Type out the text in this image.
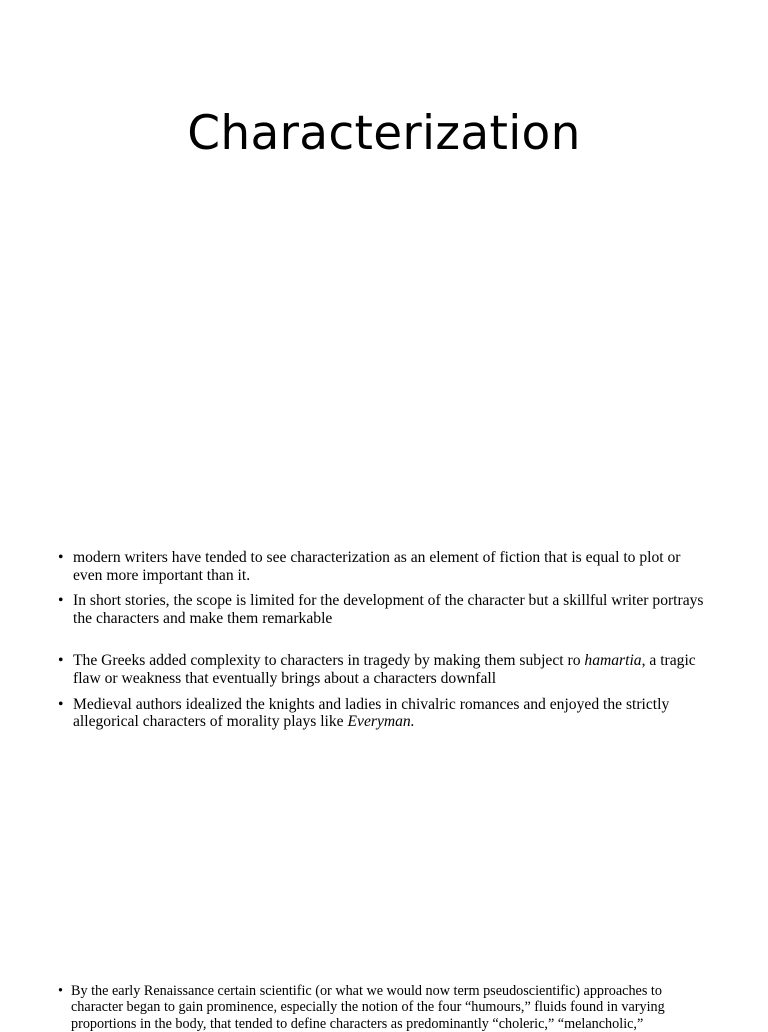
Characterization
• modern writers have tended to see characterization as an element of fiction that is equal to plot or even more important than it.
• In short stories, the scope is limited for the development of the character but a skillful writer portrays the characters and make them remarkable
• The Greeks added complexity to characters in tragedy by making them subject ro hamartia, a tragic
flaw or weakness that eventually brings about a characters downfall
• Medieval authors idealized the knights and ladies in chivalric romances and enjoyed the strictly allegorical characters of morality plays like Everyman.
• By the early Renaissance certain scientific (or what we would now term pseudoscientific) approaches to character began to gain prominence, especially the notion of the four “humours,” fluids found in varying proportions in the body, that tended to define characters as predominantly “choleric,” “melancholic,”
